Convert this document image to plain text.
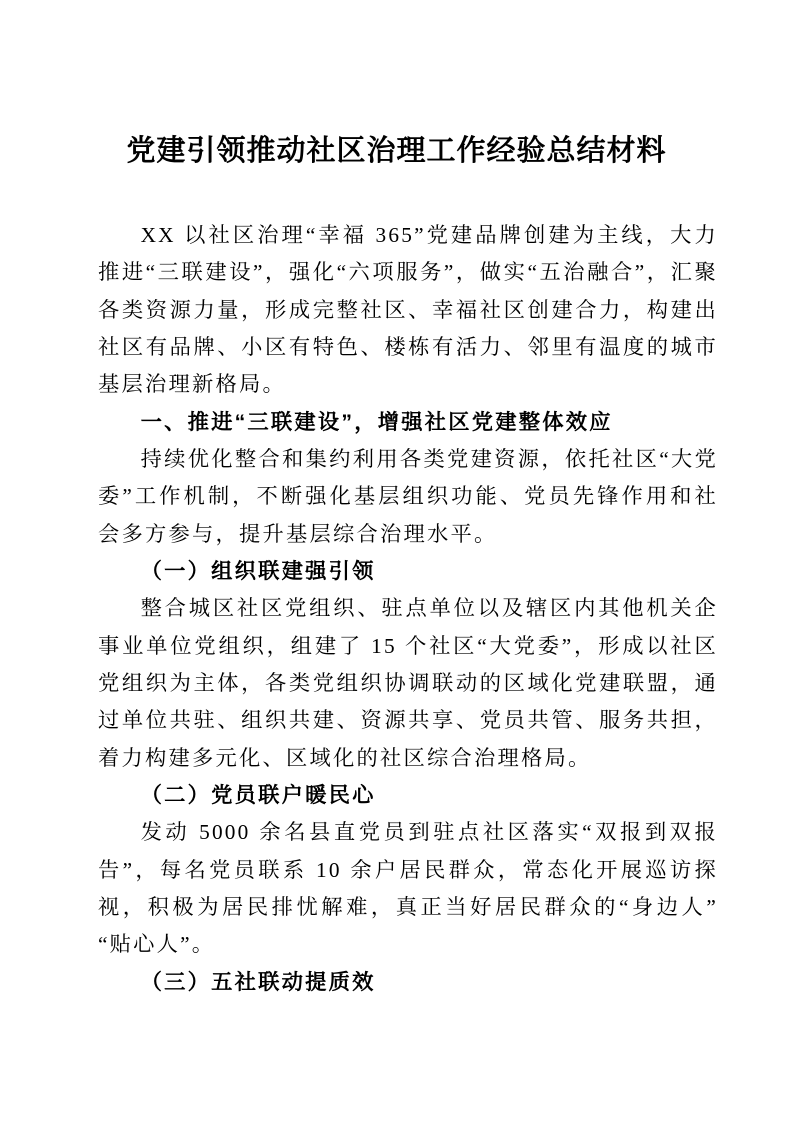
党建引领推动社区治理工作经验总结材料

XX 以社区治理“幸福 365”党建品牌创建为主线，大力推进“三联建设”，强化“六项服务”，做实“五治融合”，汇聚各类资源力量，形成完整社区、幸福社区创建合力，构建出社区有品牌、小区有特色、楼栋有活力、邻里有温度的城市基层治理新格局。

一、推进“三联建设”，增强社区党建整体效应

持续优化整合和集约利用各类党建资源，依托社区“大党委”工作机制，不断强化基层组织功能、党员先锋作用和社会多方参与，提升基层综合治理水平。

（一）组织联建强引领

整合城区社区党组织、驻点单位以及辖区内其他机关企事业单位党组织，组建了 15 个社区“大党委”，形成以社区党组织为主体，各类党组织协调联动的区域化党建联盟，通过单位共驻、组织共建、资源共享、党员共管、服务共担，着力构建多元化、区域化的社区综合治理格局。

（二）党员联户暖民心

发动 5000 余名县直党员到驻点社区落实“双报到双报告”，每名党员联系 10 余户居民群众，常态化开展巡访探视，积极为居民排忧解难，真正当好居民群众的“身边人”“贴心人”。

（三）五社联动提质效
